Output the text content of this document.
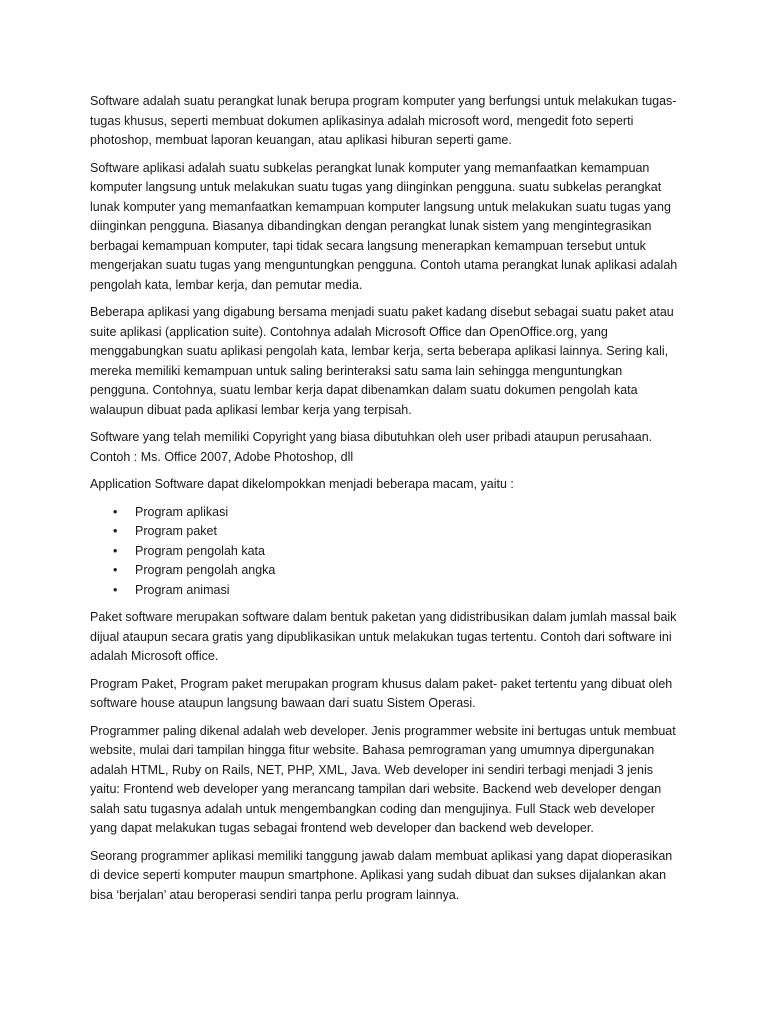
Software adalah suatu perangkat lunak berupa program komputer yang berfungsi untuk melakukan tugas-tugas khusus, seperti membuat dokumen aplikasinya adalah microsoft word, mengedit foto seperti photoshop, membuat laporan keuangan, atau aplikasi hiburan seperti game.

Software aplikasi adalah suatu subkelas perangkat lunak komputer yang memanfaatkan kemampuan komputer langsung untuk melakukan suatu tugas yang diinginkan pengguna. suatu subkelas perangkat lunak komputer yang memanfaatkan kemampuan komputer langsung untuk melakukan suatu tugas yang diinginkan pengguna. Biasanya dibandingkan dengan perangkat lunak sistem yang mengintegrasikan berbagai kemampuan komputer, tapi tidak secara langsung menerapkan kemampuan tersebut untuk mengerjakan suatu tugas yang menguntungkan pengguna. Contoh utama perangkat lunak aplikasi adalah pengolah kata, lembar kerja, dan pemutar media.

Beberapa aplikasi yang digabung bersama menjadi suatu paket kadang disebut sebagai suatu paket atau suite aplikasi (application suite). Contohnya adalah Microsoft Office dan OpenOffice.org, yang menggabungkan suatu aplikasi pengolah kata, lembar kerja, serta beberapa aplikasi lainnya. Sering kali, mereka memiliki kemampuan untuk saling berinteraksi satu sama lain sehingga menguntungkan pengguna. Contohnya, suatu lembar kerja dapat dibenamkan dalam suatu dokumen pengolah kata walaupun dibuat pada aplikasi lembar kerja yang terpisah.

Software yang telah memiliki Copyright yang biasa dibutuhkan oleh user pribadi ataupun perusahaan. Contoh : Ms. Office 2007, Adobe Photoshop, dll

Application Software dapat dikelompokkan menjadi beberapa macam, yaitu :

• Program aplikasi
• Program paket
• Program pengolah kata
• Program pengolah angka
• Program animasi

Paket software merupakan software dalam bentuk paketan yang didistribusikan dalam jumlah massal baik dijual ataupun secara gratis yang dipublikasikan untuk melakukan tugas tertentu. Contoh dari software ini adalah Microsoft office.

Program Paket, Program paket merupakan program khusus dalam paket- paket tertentu yang dibuat oleh software house ataupun langsung bawaan dari suatu Sistem Operasi.

Programmer paling dikenal adalah web developer. Jenis programmer website ini bertugas untuk membuat website, mulai dari tampilan hingga fitur website. Bahasa pemrograman yang umumnya dipergunakan adalah HTML, Ruby on Rails, NET, PHP, XML, Java. Web developer ini sendiri terbagi menjadi 3 jenis yaitu: Frontend web developer yang merancang tampilan dari website. Backend web developer dengan salah satu tugasnya adalah untuk mengembangkan coding dan mengujinya. Full Stack web developer yang dapat melakukan tugas sebagai frontend web developer dan backend web developer.

Seorang programmer aplikasi memiliki tanggung jawab dalam membuat aplikasi yang dapat dioperasikan di device seperti komputer maupun smartphone. Aplikasi yang sudah dibuat dan sukses dijalankan akan bisa ‘berjalan’ atau beroperasi sendiri tanpa perlu program lainnya.
